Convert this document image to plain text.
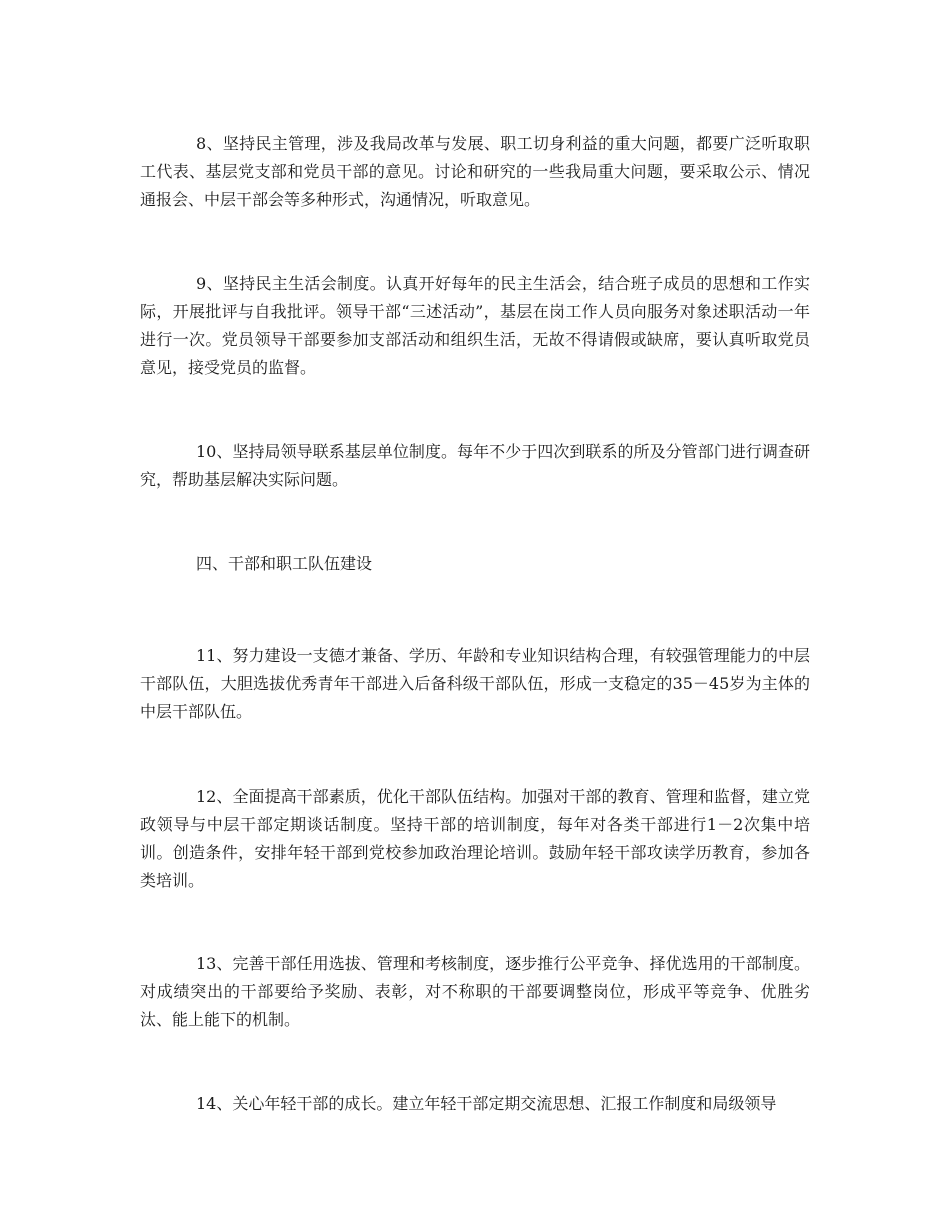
8、坚持民主管理，涉及我局改革与发展、职工切身利益的重大问题，都要广泛听取职工代表、基层党支部和党员干部的意见。讨论和研究的一些我局重大问题，要采取公示、情况通报会、中层干部会等多种形式，沟通情况，听取意见。

9、坚持民主生活会制度。认真开好每年的民主生活会，结合班子成员的思想和工作实际，开展批评与自我批评。领导干部“三述活动”，基层在岗工作人员向服务对象述职活动一年进行一次。党员领导干部要参加支部活动和组织生活，无故不得请假或缺席，要认真听取党员意见，接受党员的监督。

10、坚持局领导联系基层单位制度。每年不少于四次到联系的所及分管部门进行调查研究，帮助基层解决实际问题。

四、干部和职工队伍建设

11、努力建设一支德才兼备、学历、年龄和专业知识结构合理，有较强管理能力的中层干部队伍，大胆选拔优秀青年干部进入后备科级干部队伍，形成一支稳定的35－45岁为主体的中层干部队伍。

12、全面提高干部素质，优化干部队伍结构。加强对干部的教育、管理和监督，建立党政领导与中层干部定期谈话制度。坚持干部的培训制度，每年对各类干部进行1－2次集中培训。创造条件，安排年轻干部到党校参加政治理论培训。鼓励年轻干部攻读学历教育，参加各类培训。

13、完善干部任用选拔、管理和考核制度，逐步推行公平竞争、择优选用的干部制度。对成绩突出的干部要给予奖励、表彰，对不称职的干部要调整岗位，形成平等竞争、优胜劣汰、能上能下的机制。

14、关心年轻干部的成长。建立年轻干部定期交流思想、汇报工作制度和局级领导
